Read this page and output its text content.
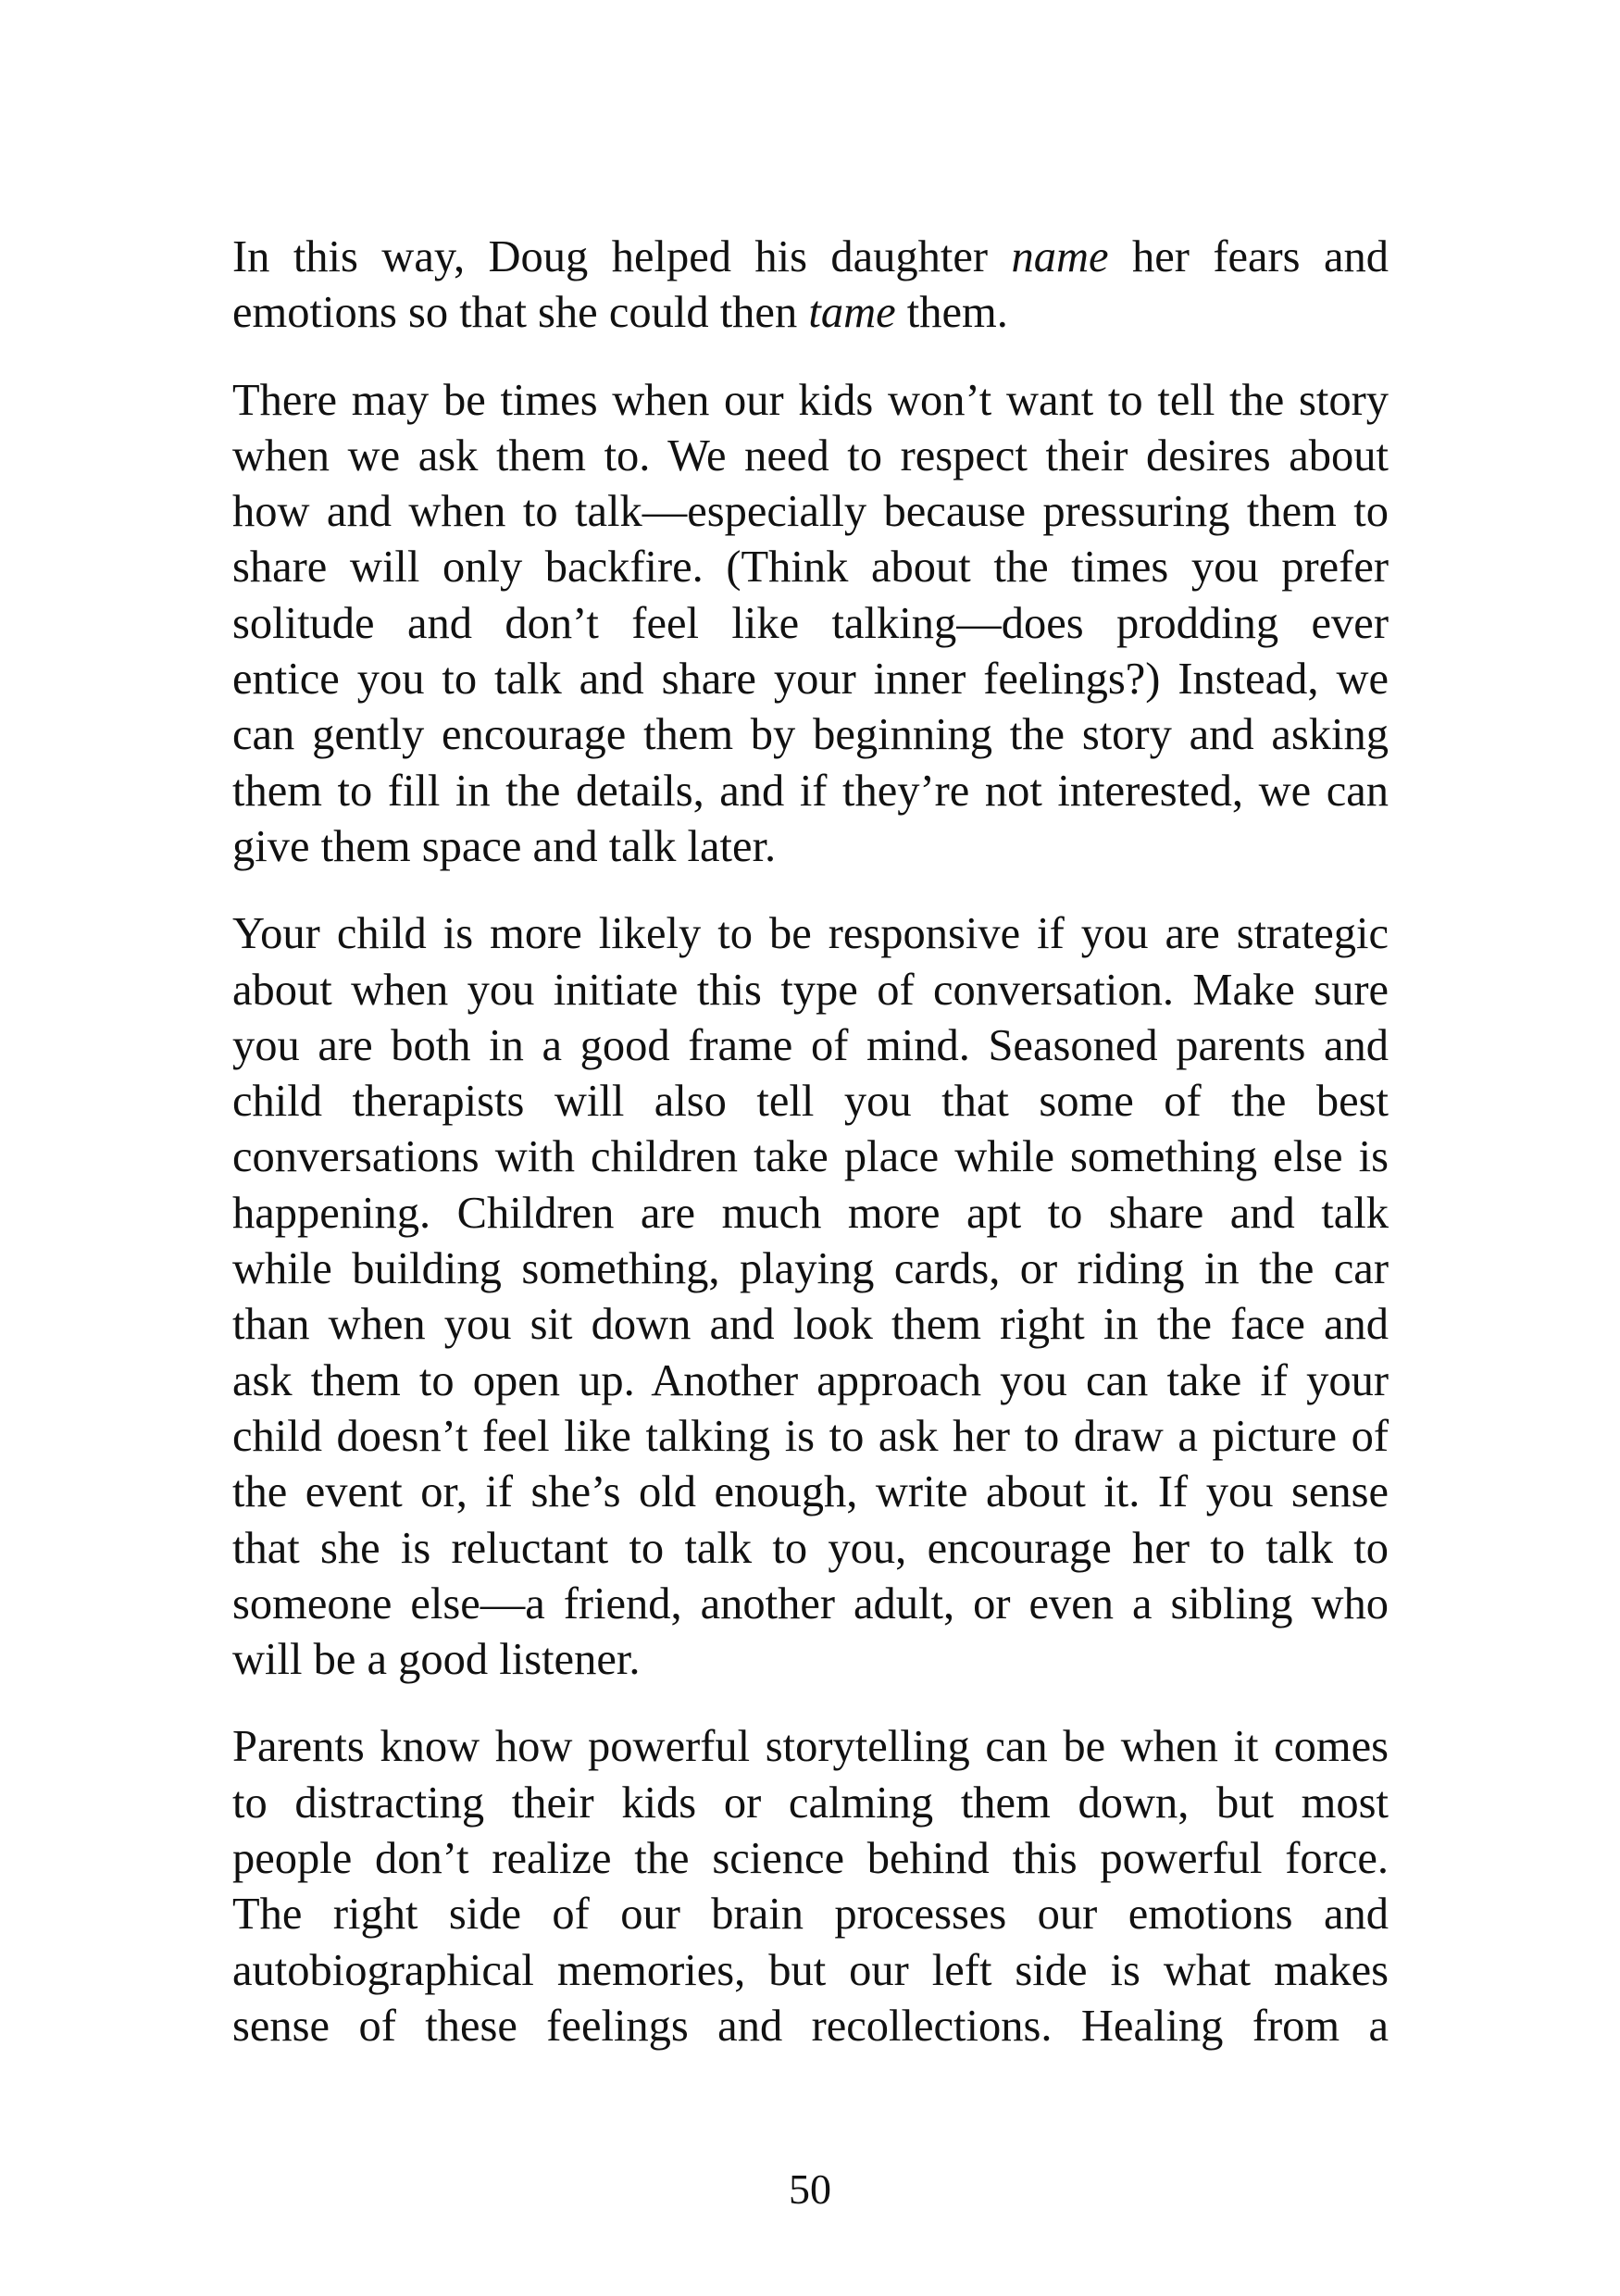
In this way, Doug helped his daughter name her fears and
emotions so that she could then tame them.

There may be times when our kids won’t want to tell the story
when we ask them to. We need to respect their desires about
how and when to talk—especially because pressuring them to
share will only backfire. (Think about the times you prefer
solitude and don’t feel like talking—does prodding ever
entice you to talk and share your inner feelings?) Instead, we
can gently encourage them by beginning the story and asking
them to fill in the details, and if they’re not interested, we can
give them space and talk later.

Your child is more likely to be responsive if you are strategic
about when you initiate this type of conversation. Make sure
you are both in a good frame of mind. Seasoned parents and
child therapists will also tell you that some of the best
conversations with children take place while something else is
happening. Children are much more apt to share and talk
while building something, playing cards, or riding in the car
than when you sit down and look them right in the face and
ask them to open up. Another approach you can take if your
child doesn’t feel like talking is to ask her to draw a picture of
the event or, if she’s old enough, write about it. If you sense
that she is reluctant to talk to you, encourage her to talk to
someone else—a friend, another adult, or even a sibling who
will be a good listener.

Parents know how powerful storytelling can be when it comes
to distracting their kids or calming them down, but most
people don’t realize the science behind this powerful force.
The right side of our brain processes our emotions and
autobiographical memories, but our left side is what makes
sense of these feelings and recollections. Healing from a

50
